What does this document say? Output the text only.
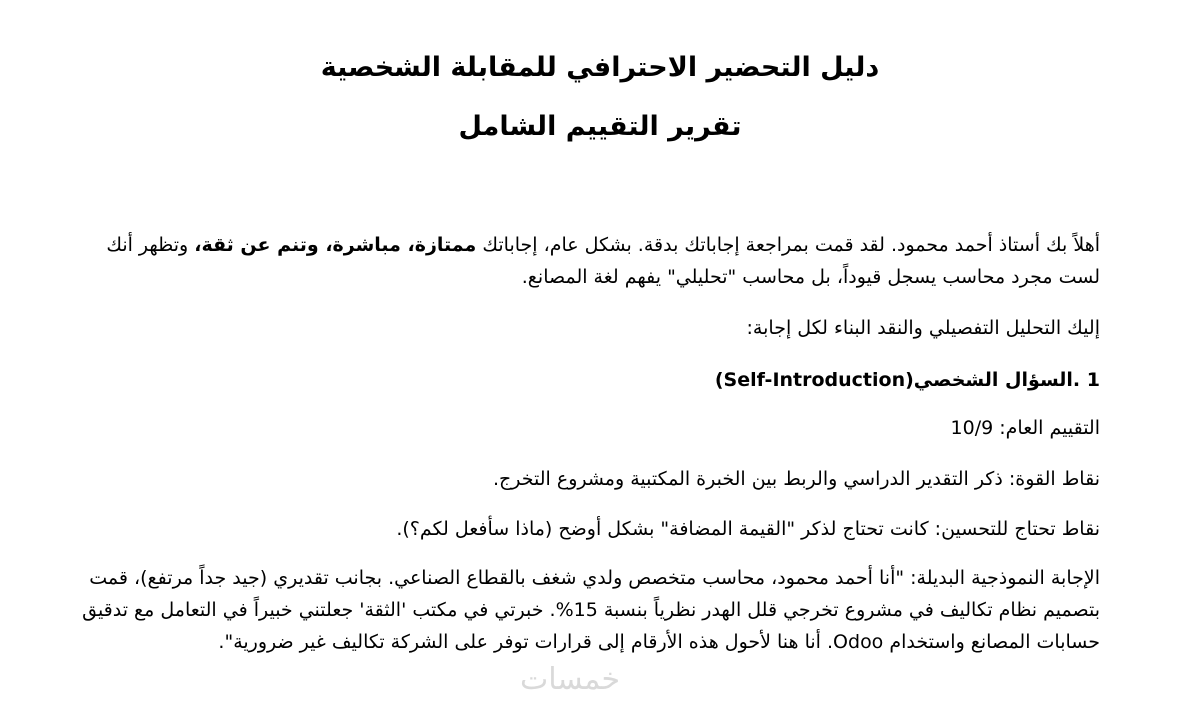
دليل التحضير الاحترافي للمقابلة الشخصية
تقرير التقييم الشامل

أهلاً بك أستاذ أحمد محمود. لقد قمت بمراجعة إجاباتك بدقة. بشكل عام، إجاباتك ممتازة، مباشرة، وتنم عن ثقة، وتظهر أنك لست مجرد محاسب يسجل قيوداً، بل محاسب "تحليلي" يفهم لغة المصانع.

إليك التحليل التفصيلي والنقد البناء لكل إجابة:

1 .السؤال الشخصي(Self-Introduction)

التقييم العام: 10/9

نقاط القوة: ذكر التقدير الدراسي والربط بين الخبرة المكتبية ومشروع التخرج.

نقاط تحتاج للتحسين: كانت تحتاج لذكر "القيمة المضافة" بشكل أوضح (ماذا سأفعل لكم؟).

الإجابة النموذجية البديلة: "أنا أحمد محمود، محاسب متخصص ولدي شغف بالقطاع الصناعي. بجانب تقديري (جيد جداً مرتفع)، قمت بتصميم نظام تكاليف في مشروع تخرجي قلل الهدر نظرياً بنسبة 15%. خبرتي في مكتب 'الثقة' جعلتني خبيراً في التعامل مع تدقيق حسابات المصانع واستخدام Odoo. أنا هنا لأحول هذه الأرقام إلى قرارات توفر على الشركة تكاليف غير ضرورية".

خمسات
